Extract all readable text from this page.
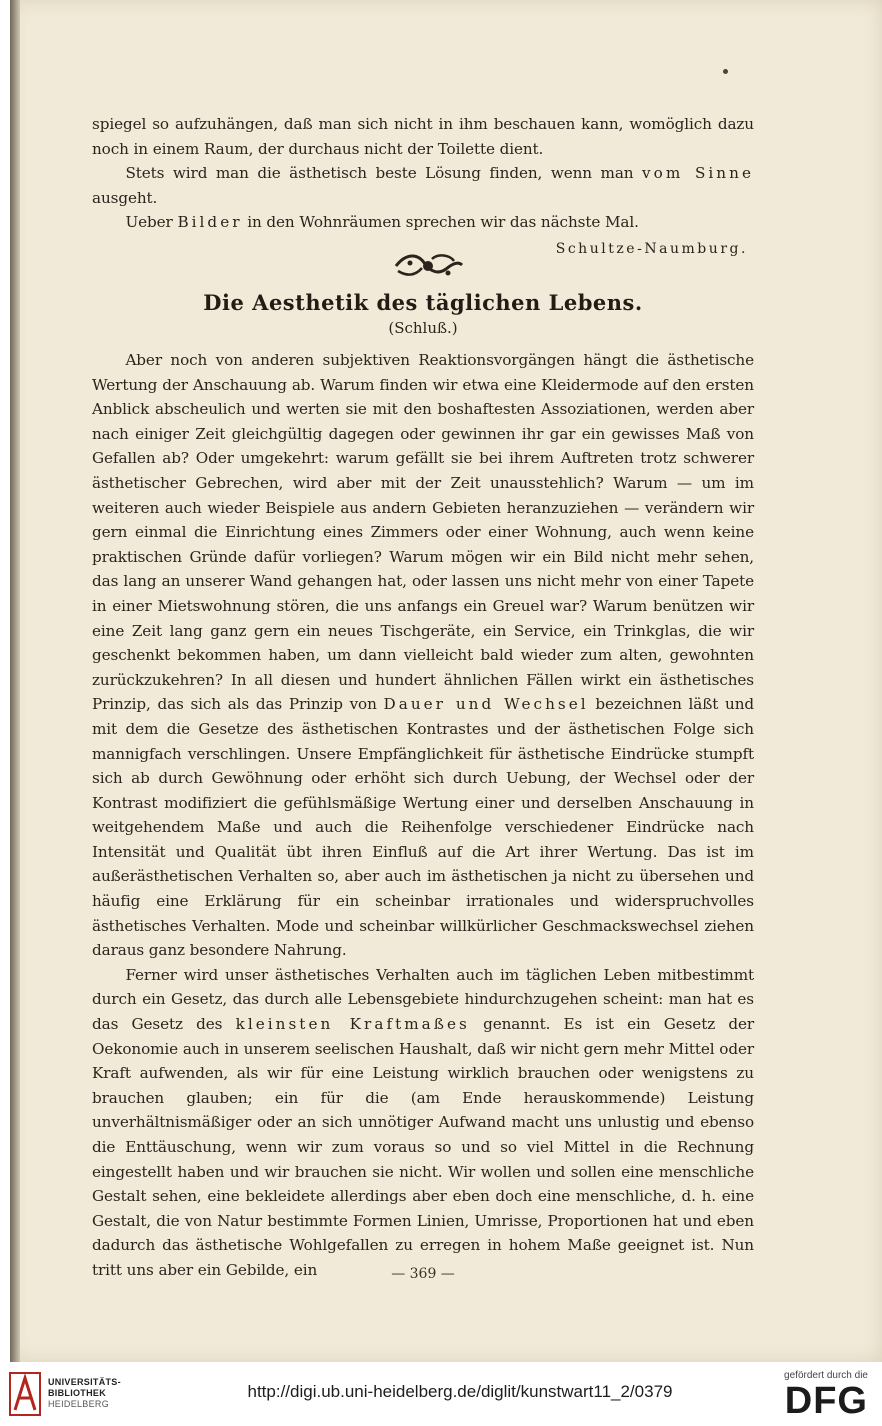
spiegel so aufzuhängen, daß man sich nicht in ihm beschauen kann, womöglich dazu noch in einem Raum, der durchaus nicht der Toilette dient.

Stets wird man die ästhetisch beste Lösung finden, wenn man vom Sinne ausgeht.

Ueber Bilder in den Wohnräumen sprechen wir das nächste Mal.

Schultze-Naumburg.
Die Aesthetik des täglichen Lebens.
(Schluß.)

Aber noch von anderen subjektiven Reaktionsvorgängen hängt die ästhetische Wertung der Anschauung ab. Warum finden wir etwa eine Kleidermode auf den ersten Anblick abscheulich und werten sie mit den boshaftesten Assoziationen, werden aber nach einiger Zeit gleichgültig dagegen oder gewinnen ihr gar ein gewisses Maß von Gefallen ab? Oder umgekehrt: warum gefällt sie bei ihrem Auftreten trotz schwerer ästhetischer Gebrechen, wird aber mit der Zeit unausstehlich? Warum — um im weiteren auch wieder Beispiele aus andern Gebieten heranzuziehen — verändern wir gern einmal die Einrichtung eines Zimmers oder einer Wohnung, auch wenn keine praktischen Gründe dafür vorliegen? Warum mögen wir ein Bild nicht mehr sehen, das lang an unserer Wand gehangen hat, oder lassen uns nicht mehr von einer Tapete in einer Mietswohnung stören, die uns anfangs ein Greuel war? Warum benützen wir eine Zeit lang ganz gern ein neues Tischgeräte, ein Service, ein Trinkglas, die wir geschenkt bekommen haben, um dann vielleicht bald wieder zum alten, gewohnten zurückzukehren? In all diesen und hundert ähnlichen Fällen wirkt ein ästhetisches Prinzip, das sich als das Prinzip von Dauer und Wechsel bezeichnen läßt und mit dem die Gesetze des ästhetischen Kontrastes und der ästhetischen Folge sich mannigfach verschlingen. Unsere Empfänglichkeit für ästhetische Eindrücke stumpft sich ab durch Gewöhnung oder erhöht sich durch Uebung, der Wechsel oder der Kontrast modifiziert die gefühlsmäßige Wertung einer und derselben Anschauung in weitgehendem Maße und auch die Reihenfolge verschiedener Eindrücke nach Intensität und Qualität übt ihren Einfluß auf die Art ihrer Wertung. Das ist im außerästhetischen Verhalten so, aber auch im ästhetischen ja nicht zu übersehen und häufig eine Erklärung für ein scheinbar irrationales und widerspruchvolles ästhetisches Verhalten. Mode und scheinbar willkürlicher Geschmackswechsel ziehen daraus ganz besondere Nahrung.

Ferner wird unser ästhetisches Verhalten auch im täglichen Leben mitbestimmt durch ein Gesetz, das durch alle Lebensgebiete hindurchzugehen scheint: man hat es das Gesetz des kleinsten Kraftmaßes genannt. Es ist ein Gesetz der Oekonomie auch in unserem seelischen Haushalt, daß wir nicht gern mehr Mittel oder Kraft aufwenden, als wir für eine Leistung wirklich brauchen oder wenigstens zu brauchen glauben; ein für die (am Ende herauskommende) Leistung unverhältnismäßiger oder an sich unnötiger Aufwand macht uns unlustig und ebenso die Enttäuschung, wenn wir zum voraus so und so viel Mittel in die Rechnung eingestellt haben und wir brauchen sie nicht. Wir wollen und sollen eine menschliche Gestalt sehen, eine bekleidete allerdings aber eben doch eine menschliche, d. h. eine Gestalt, die von Natur bestimmte Formen Linien, Umrisse, Proportionen hat und eben dadurch das ästhetische Wohlgefallen zu erregen in hohem Maße geeignet ist. Nun tritt uns aber ein Gebilde, ein	— 369 —
UNIVERSITÄTS-
BIBLIOTHEK
HEIDELBERG
http://digi.ub.uni-heidelberg.de/diglit/kunstwart11_2/0379
gefördert durch die
DFG
